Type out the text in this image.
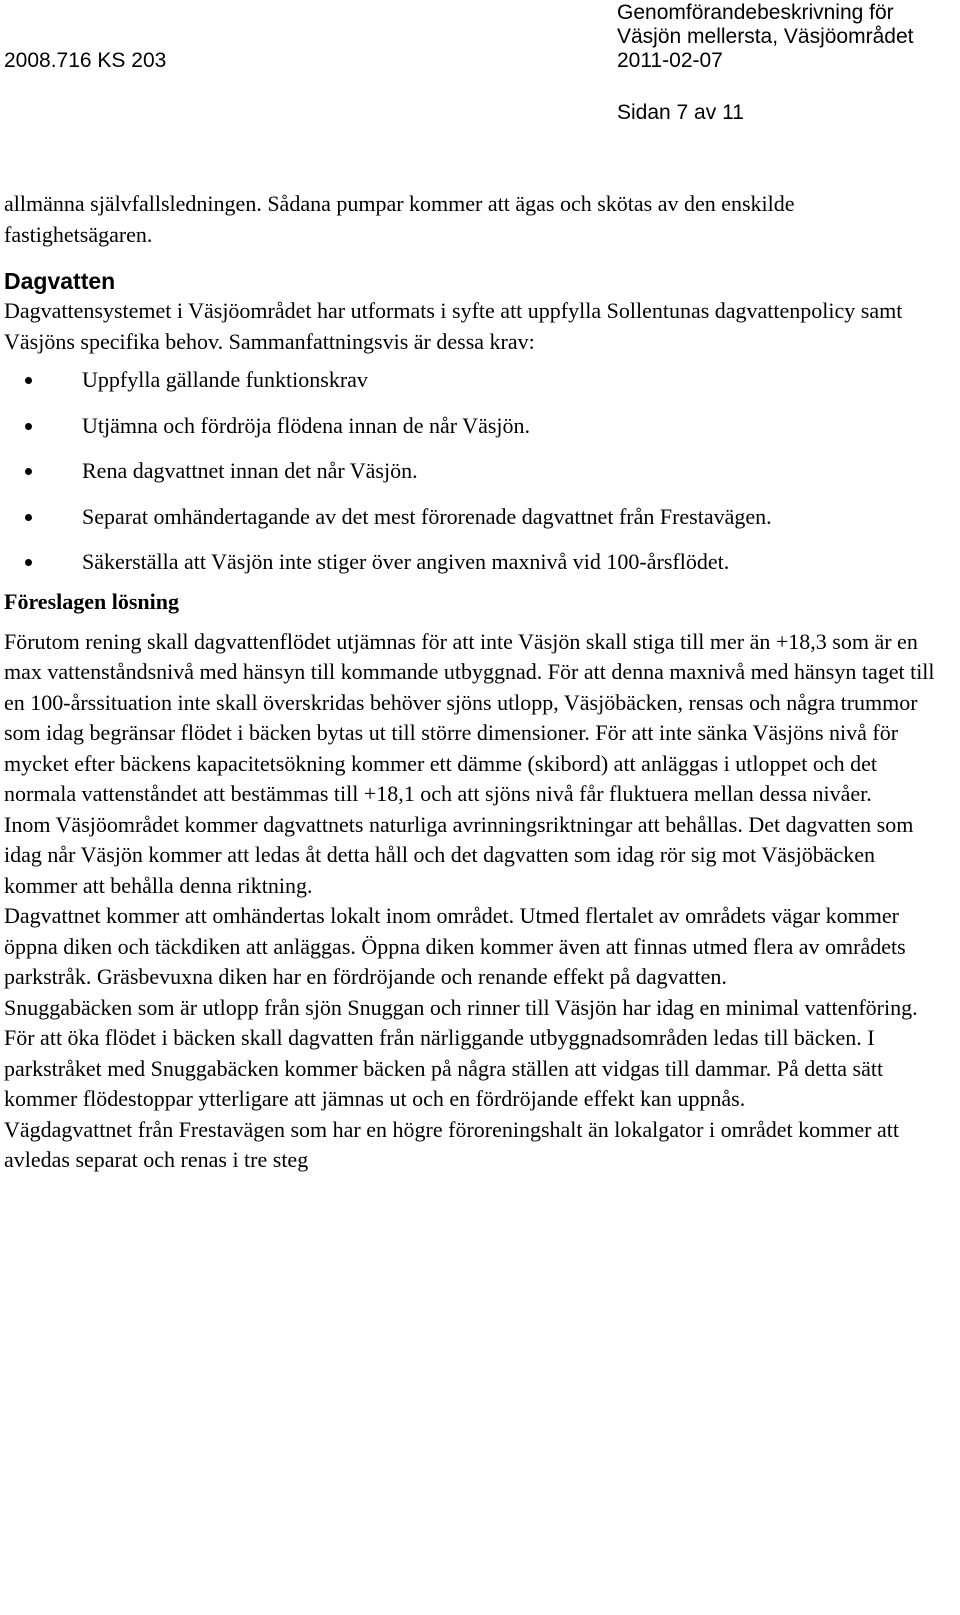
2008.716 KS 203
Genomförandebeskrivning för
Väsjön mellersta, Väsjöområdet
2011-02-07
Sidan 7 av 11

allmänna självfallsledningen. Sådana pumpar kommer att ägas och skötas av den enskilde fastighetsägaren.

Dagvatten

Dagvattensystemet i Väsjöområdet har utformats i syfte att uppfylla Sollentunas dagvattenpolicy samt Väsjöns specifika behov. Sammanfattningsvis är dessa krav:

Uppfylla gällande funktionskrav
Utjämna och fördröja flödena innan de når Väsjön.
Rena dagvattnet innan det når Väsjön.
Separat omhändertagande av det mest förorenade dagvattnet från Frestavägen.
Säkerställa att Väsjön inte stiger över angiven maxnivå vid 100-årsflödet.
Föreslagen lösning

Förutom rening skall dagvattenflödet utjämnas för att inte Väsjön skall stiga till mer än +18,3 som är en max vattenståndsnivå med hänsyn till kommande utbyggnad. För att denna maxnivå med hänsyn taget till en 100-årssituation inte skall överskridas behöver sjöns utlopp, Väsjöbäcken, rensas och några trummor som idag begränsar flödet i bäcken bytas ut till större dimensioner. För att inte sänka Väsjöns nivå för mycket efter bäckens kapacitetsökning kommer ett dämme (skibord) att anläggas i utloppet och det normala vattenståndet att bestämmas till +18,1 och att sjöns nivå får fluktuera mellan dessa nivåer.

Inom Väsjöområdet kommer dagvattnets naturliga avrinningsriktningar att behållas. Det dagvatten som idag når Väsjön kommer att ledas åt detta håll och det dagvatten som idag rör sig mot Väsjöbäcken kommer att behålla denna riktning.

Dagvattnet kommer att omhändertas lokalt inom området. Utmed flertalet av områdets vägar kommer öppna diken och täckdiken att anläggas. Öppna diken kommer även att finnas utmed flera av områdets parkstråk. Gräsbevuxna diken har en fördröjande och renande effekt på dagvatten.

Snuggabäcken som är utlopp från sjön Snuggan och rinner till Väsjön har idag en minimal vattenföring. För att öka flödet i bäcken skall dagvatten från närliggande utbyggnadsområden ledas till bäcken. I parkstråket med Snuggabäcken kommer bäcken på några ställen att vidgas till dammar. På detta sätt kommer flödestoppar ytterligare att jämnas ut och en fördröjande effekt kan uppnås.

Vägdagvattnet från Frestavägen som har en högre föroreningshalt än lokalgator i området kommer att avledas separat och renas i tre steg
